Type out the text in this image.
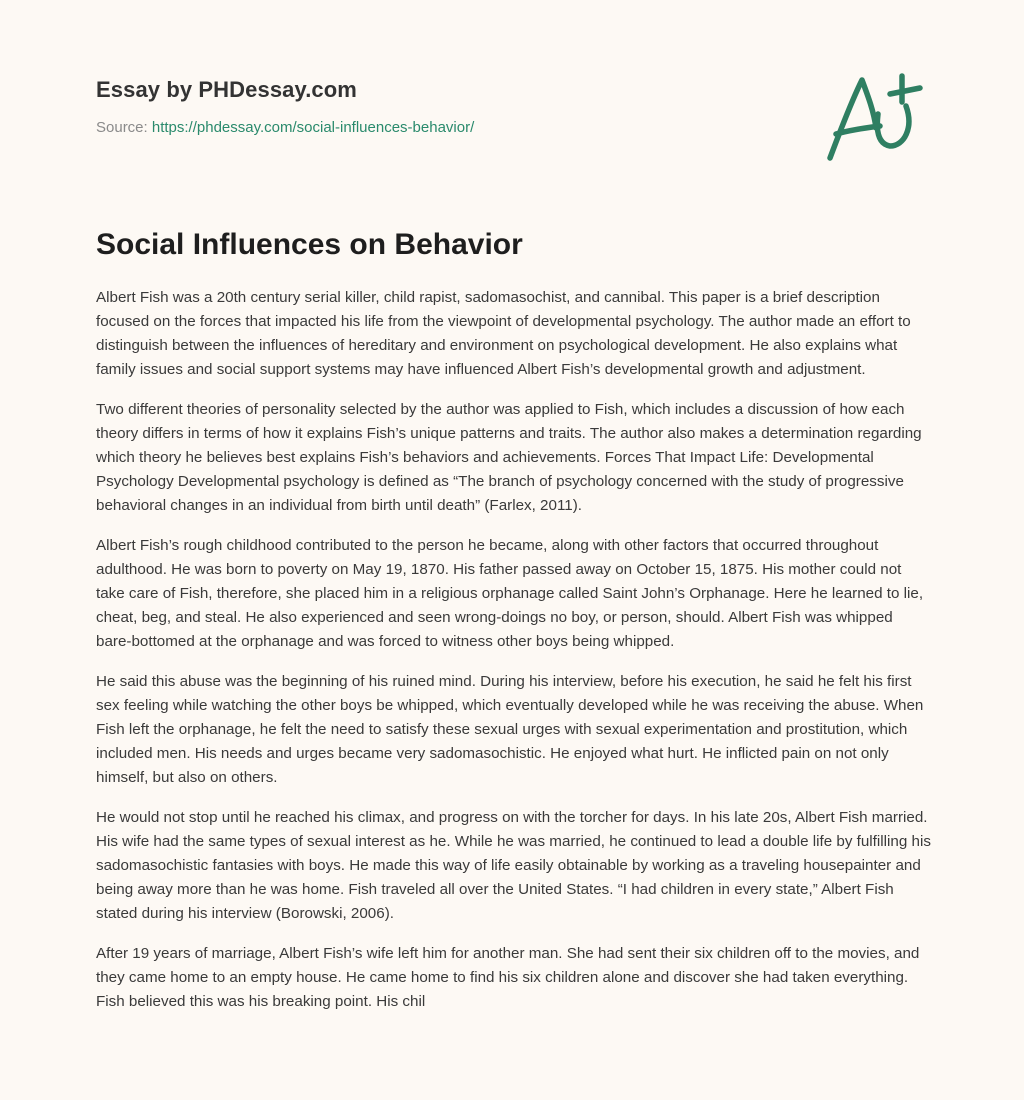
Essay by PHDessay.com
Source: https://phdessay.com/social-influences-behavior/
Social Influences on Behavior

Albert Fish was a 20th century serial killer, child rapist, sadomasochist, and cannibal. This paper is a brief description focused on the forces that impacted his life from the viewpoint of developmental psychology. The author made an effort to distinguish between the influences of hereditary and environment on psychological development. He also explains what family issues and social support systems may have influenced Albert Fish’s developmental growth and adjustment.

Two different theories of personality selected by the author was applied to Fish, which includes a discussion of how each theory differs in terms of how it explains Fish’s unique patterns and traits. The author also makes a determination regarding which theory he believes best explains Fish’s behaviors and achievements. Forces That Impact Life: Developmental Psychology Developmental psychology is defined as “The branch of psychology concerned with the study of progressive behavioral changes in an individual from birth until death” (Farlex, 2011).

Albert Fish’s rough childhood contributed to the person he became, along with other factors that occurred throughout adulthood. He was born to poverty on May 19, 1870. His father passed away on October 15, 1875. His mother could not take care of Fish, therefore, she placed him in a religious orphanage called Saint John’s Orphanage. Here he learned to lie, cheat, beg, and steal. He also experienced and seen wrong-doings no boy, or person, should. Albert Fish was whipped bare-bottomed at the orphanage and was forced to witness other boys being whipped.

He said this abuse was the beginning of his ruined mind. During his interview, before his execution, he said he felt his first sex feeling while watching the other boys be whipped, which eventually developed while he was receiving the abuse. When Fish left the orphanage, he felt the need to satisfy these sexual urges with sexual experimentation and prostitution, which included men. His needs and urges became very sadomasochistic. He enjoyed what hurt. He inflicted pain on not only himself, but also on others.

He would not stop until he reached his climax, and progress on with the torcher for days. In his late 20s, Albert Fish married. His wife had the same types of sexual interest as he. While he was married, he continued to lead a double life by fulfilling his sadomasochistic fantasies with boys. He made this way of life easily obtainable by working as a traveling housepainter and being away more than he was home. Fish traveled all over the United States. “I had children in every state,” Albert Fish stated during his interview (Borowski, 2006).

After 19 years of marriage, Albert Fish’s wife left him for another man. She had sent their six children off to the movies, and they came home to an empty house. He came home to find his six children alone and discover she had taken everything. Fish believed this was his breaking point. His chil
